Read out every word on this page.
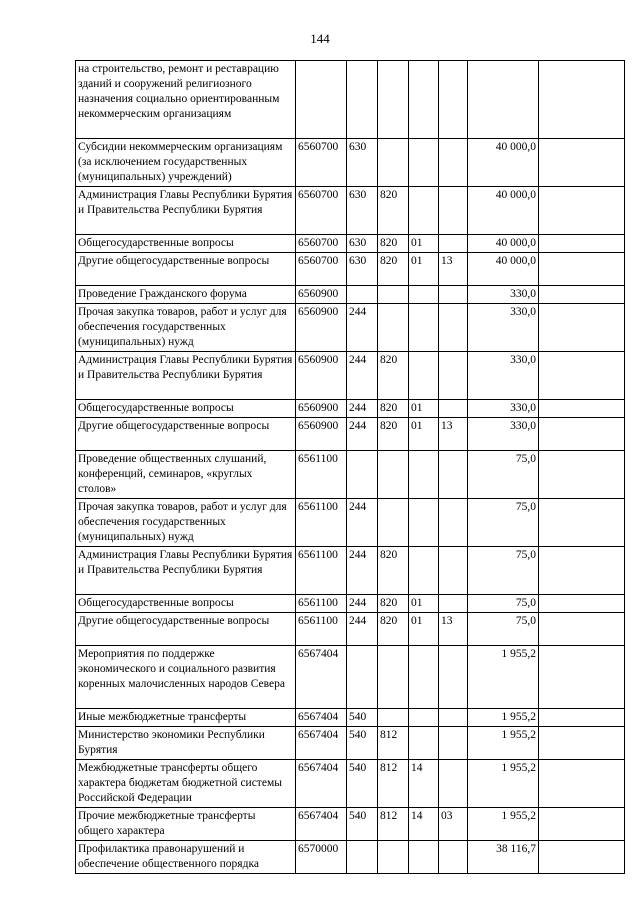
144
на строительство, ремонт и реставрацию зданий и сооружений религиозного назначения социально ориентированным некоммерческим организациям							
Субсидии некоммерческим организациям (за исключением государственных (муниципальных) учреждений)	6560700	630				40 000,0	
Администрация Главы Республики Бурятия и Правительства Республики Бурятия	6560700	630	820			40 000,0	
Общегосударственные вопросы	6560700	630	820	01		40 000,0	
Другие общегосударственные вопросы	6560700	630	820	01	13	40 000,0	
Проведение Гражданского форума	6560900					330,0	
Прочая закупка товаров, работ и услуг для обеспечения государственных (муниципальных) нужд	6560900	244				330,0	
Администрация Главы Республики Бурятия и Правительства Республики Бурятия	6560900	244	820			330,0	
Общегосударственные вопросы	6560900	244	820	01		330,0	
Другие общегосударственные вопросы	6560900	244	820	01	13	330,0	
Проведение общественных слушаний, конференций, семинаров, «круглых столов»	6561100					75,0	
Прочая закупка товаров, работ и услуг для обеспечения государственных (муниципальных) нужд	6561100	244				75,0	
Администрация Главы Республики Бурятия и Правительства Республики Бурятия	6561100	244	820			75,0	
Общегосударственные вопросы	6561100	244	820	01		75,0	
Другие общегосударственные вопросы	6561100	244	820	01	13	75,0	
Мероприятия по поддержке экономического и социального развития коренных малочисленных народов Севера	6567404					1 955,2	
Иные межбюджетные трансферты	6567404	540				1 955,2	
Министерство экономики Республики Бурятия	6567404	540	812			1 955,2	
Межбюджетные трансферты общего характера бюджетам бюджетной системы Российской Федерации	6567404	540	812	14		1 955,2	
Прочие межбюджетные трансферты общего характера	6567404	540	812	14	03	1 955,2	
Профилактика правонарушений и обеспечение общественного порядка	6570000					38 116,7	
